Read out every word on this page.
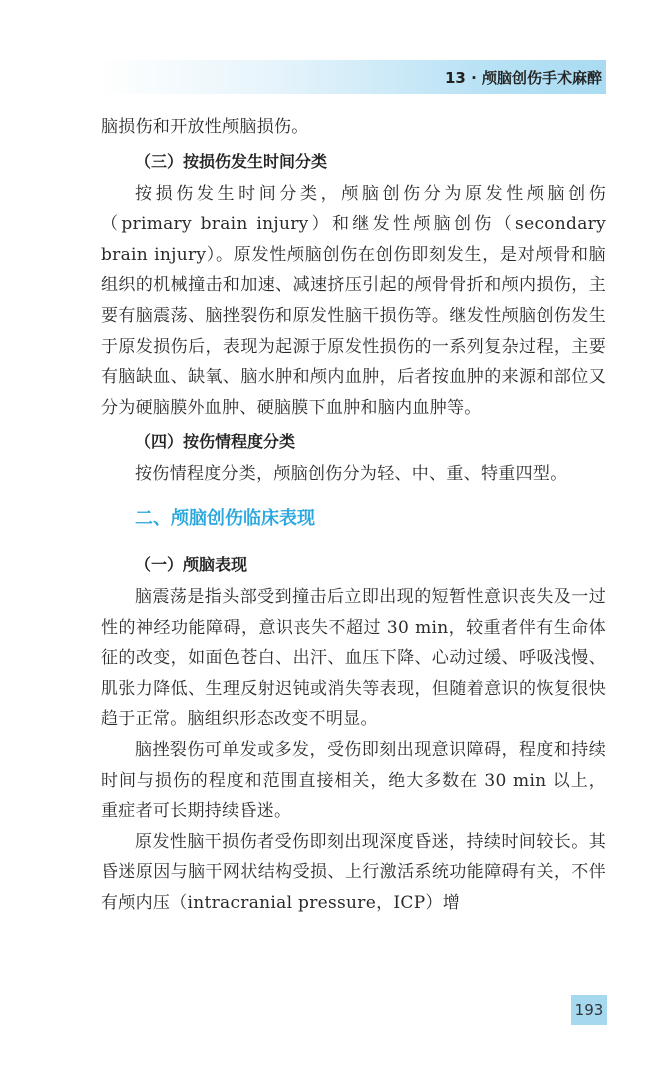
13 · 颅脑创伤手术麻醉

脑损伤和开放性颅脑损伤。

（三）按损伤发生时间分类

按损伤发生时间分类，颅脑创伤分为原发性颅脑创伤（primary brain injury）和继发性颅脑创伤（secondary brain injury）。原发性颅脑创伤在创伤即刻发生，是对颅骨和脑组织的机械撞击和加速、减速挤压引起的颅骨骨折和颅内损伤，主要有脑震荡、脑挫裂伤和原发性脑干损伤等。继发性颅脑创伤发生于原发损伤后，表现为起源于原发性损伤的一系列复杂过程，主要有脑缺血、缺氧、脑水肿和颅内血肿，后者按血肿的来源和部位又分为硬脑膜外血肿、硬脑膜下血肿和脑内血肿等。

（四）按伤情程度分类

按伤情程度分类，颅脑创伤分为轻、中、重、特重四型。

二、颅脑创伤临床表现
（一）颅脑表现

脑震荡是指头部受到撞击后立即出现的短暂性意识丧失及一过性的神经功能障碍，意识丧失不超过 30 min，较重者伴有生命体征的改变，如面色苍白、出汗、血压下降、心动过缓、呼吸浅慢、肌张力降低、生理反射迟钝或消失等表现，但随着意识的恢复很快趋于正常。脑组织形态改变不明显。

脑挫裂伤可单发或多发，受伤即刻出现意识障碍，程度和持续时间与损伤的程度和范围直接相关，绝大多数在 30 min 以上，重症者可长期持续昏迷。

原发性脑干损伤者受伤即刻出现深度昏迷，持续时间较长。其昏迷原因与脑干网状结构受损、上行激活系统功能障碍有关，不伴有颅内压（intracranial pressure，ICP）增

193
